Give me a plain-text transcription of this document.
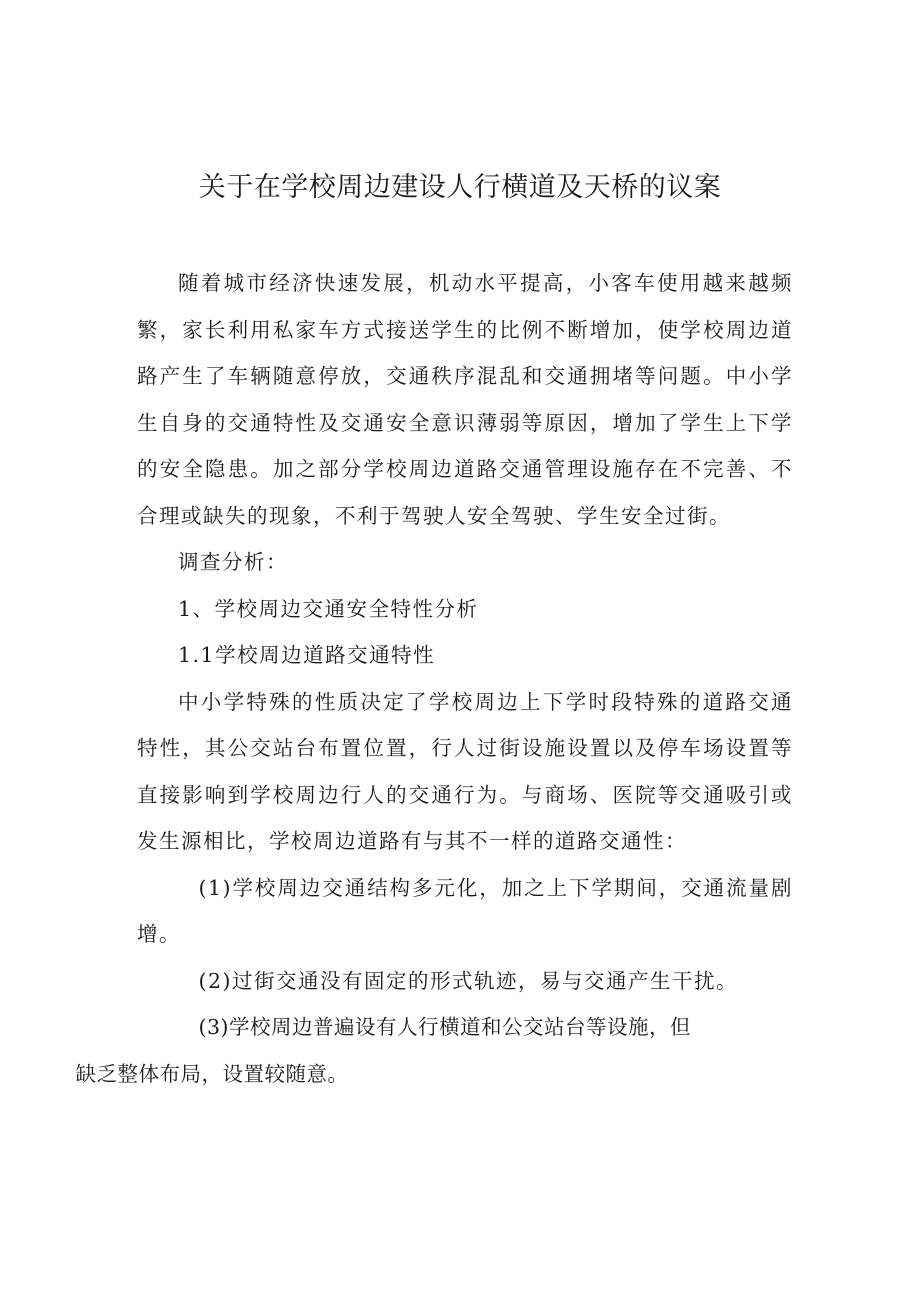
关于在学校周边建设人行横道及天桥的议案

随着城市经济快速发展，机动水平提高，小客车使用越来越频繁，家长利用私家车方式接送学生的比例不断增加，使学校周边道路产生了车辆随意停放，交通秩序混乱和交通拥堵等问题。中小学生自身的交通特性及交通安全意识薄弱等原因，增加了学生上下学的安全隐患。加之部分学校周边道路交通管理设施存在不完善、不合理或缺失的现象，不利于驾驶人安全驾驶、学生安全过街。

调查分析：

1、学校周边交通安全特性分析

1.1学校周边道路交通特性

中小学特殊的性质决定了学校周边上下学时段特殊的道路交通特性，其公交站台布置位置，行人过街设施设置以及停车场设置等直接影响到学校周边行人的交通行为。与商场、医院等交通吸引或发生源相比，学校周边道路有与其不一样的道路交通性：

(1)学校周边交通结构多元化，加之上下学期间，交通流量剧增。

(2)过街交通没有固定的形式轨迹，易与交通产生干扰。

(3)学校周边普遍设有人行横道和公交站台等设施，但
缺乏整体布局，设置较随意。
